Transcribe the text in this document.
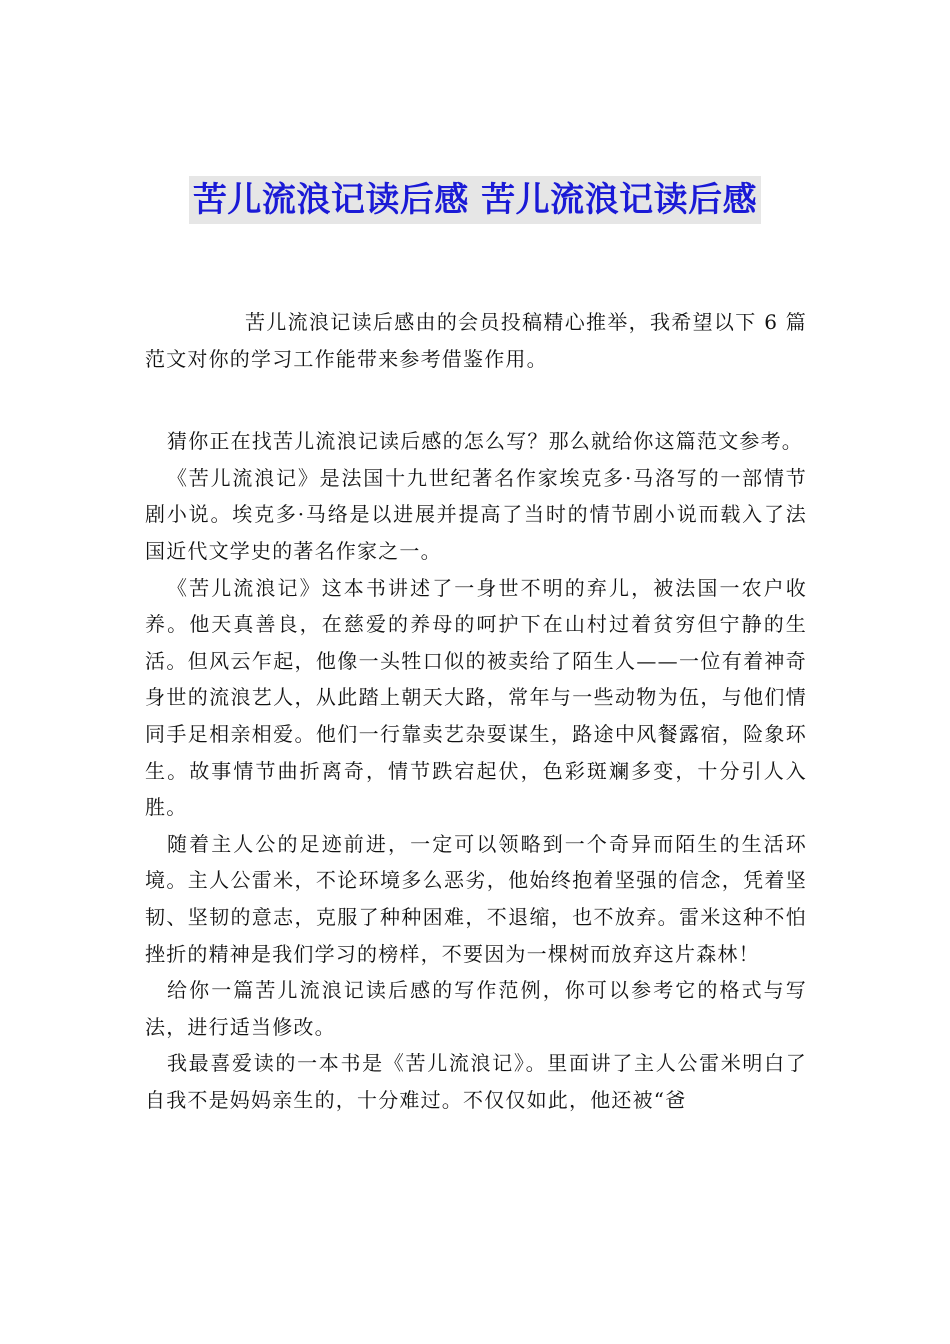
苦儿流浪记读后感 苦儿流浪记读后感

苦儿流浪记读后感由的会员投稿精心推举，我希望以下 6 篇范文对你的学习工作能带来参考借鉴作用。

猜你正在找苦儿流浪记读后感的怎么写？那么就给你这篇范文参考。

《苦儿流浪记》是法国十九世纪著名作家埃克多·马洛写的一部情节剧小说。埃克多·马络是以进展并提高了当时的情节剧小说而载入了法国近代文学史的著名作家之一。

《苦儿流浪记》这本书讲述了一身世不明的弃儿，被法国一农户收养。他天真善良，在慈爱的养母的呵护下在山村过着贫穷但宁静的生活。但风云乍起，他像一头牲口似的被卖给了陌生人——一位有着神奇身世的流浪艺人，从此踏上朝天大路，常年与一些动物为伍，与他们情同手足相亲相爱。他们一行靠卖艺杂耍谋生，路途中风餐露宿，险象环生。故事情节曲折离奇，情节跌宕起伏，色彩斑斓多变，十分引人入胜。

随着主人公的足迹前进，一定可以领略到一个奇异而陌生的生活环境。主人公雷米，不论环境多么恶劣，他始终抱着坚强的信念，凭着坚韧、坚韧的意志，克服了种种困难，不退缩，也不放弃。雷米这种不怕挫折的精神是我们学习的榜样，不要因为一棵树而放弃这片森林！

给你一篇苦儿流浪记读后感的写作范例，你可以参考它的格式与写法，进行适当修改。

我最喜爱读的一本书是《苦儿流浪记》。里面讲了主人公雷米明白了自我不是妈妈亲生的，十分难过。不仅仅如此，他还被“爸
